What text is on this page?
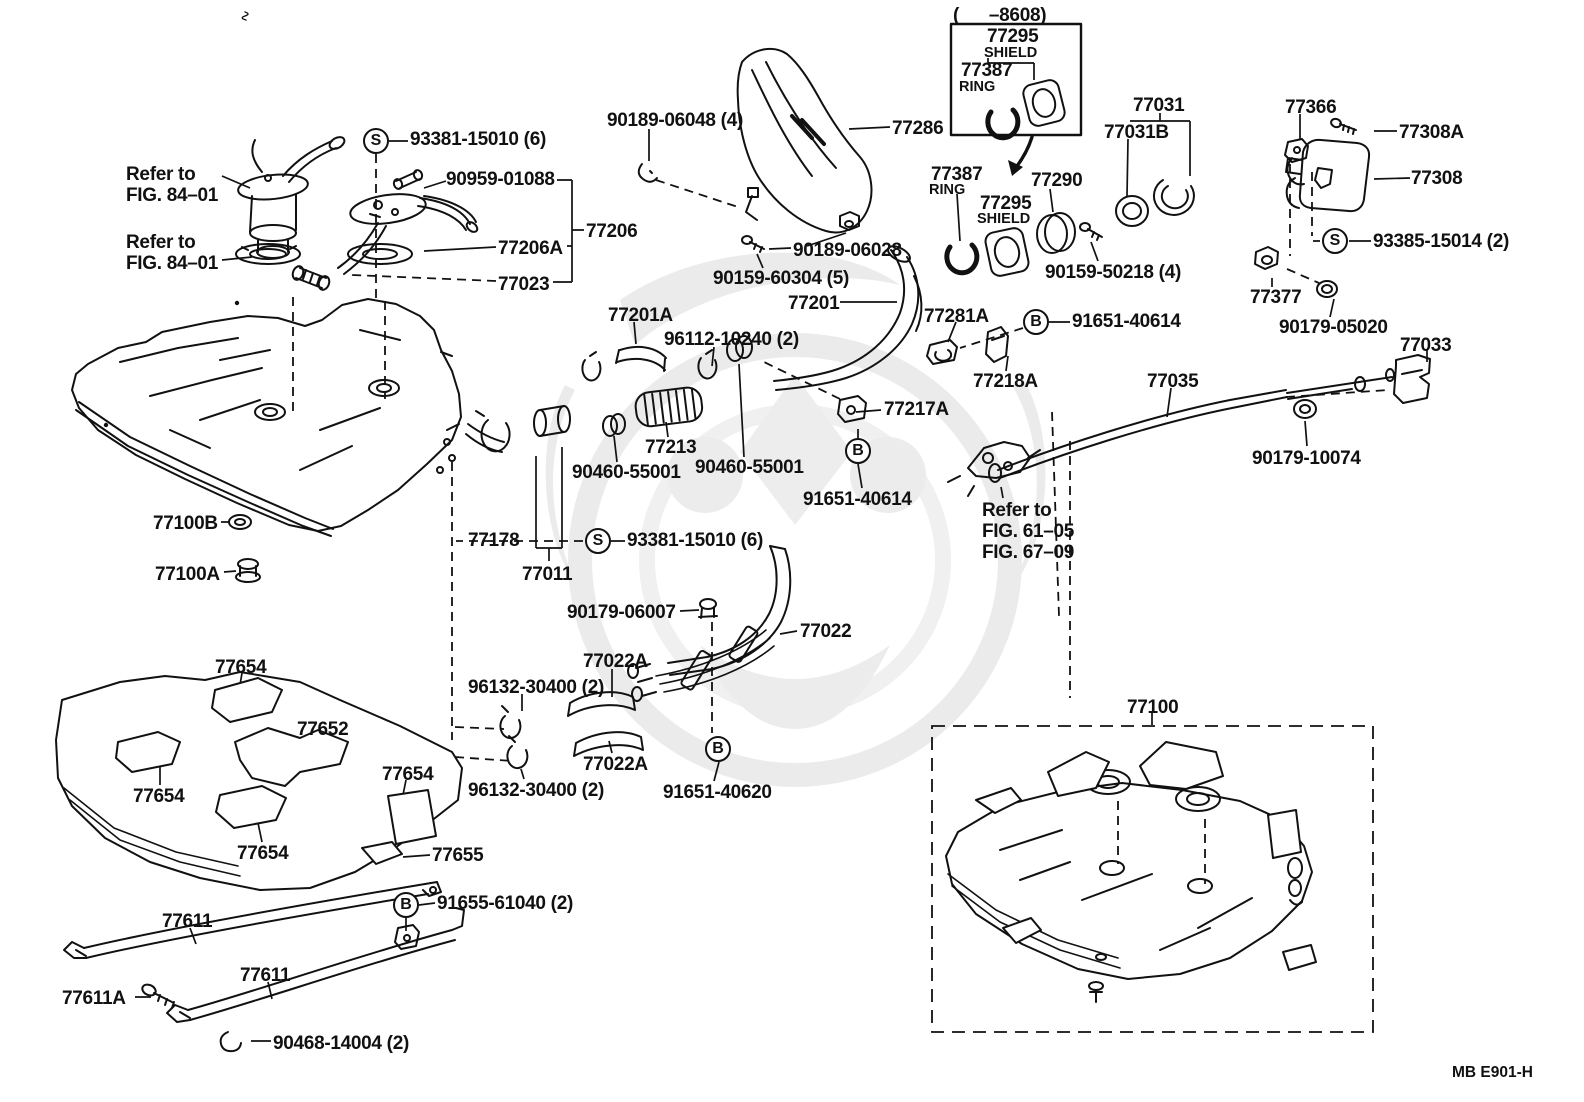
Refer to
FIG. 84–01
Refer to
FIG. 84–01
S 93381-15010 (6)
90959-01088
77206
77206A
77023
90189-06048 (4)	77286
90189-06028
90159-60304 (5)
77201
77201A
96112-10240 (2)
77281A	B 91651-40614
77218A
77217A
77213
90460-55001 90460-55001
B
91651-40614
Refer to
FIG. 61–05
FIG. 67–09
(      –8608)
77295
SHIELD
77387
RING
77387
RING
77295
SHIELD
77290
90159-50218 (4)
77031
77031B
77366
77308A
77308
S 93385-15014 (2)
77377
90179-05020
77033
77035
90179-10074
77100B
77100A
77178
77011
S 93381-15010 (6)
90179-06007
77022
77022A
96132-30400 (2)
77022A
96132-30400 (2)
B
91651-40620
77654
77652
77654
77654
77654
77655
B 91655-61040 (2)
77611
77611
77611A
90468-14004 (2)
77100
MB E901-H
